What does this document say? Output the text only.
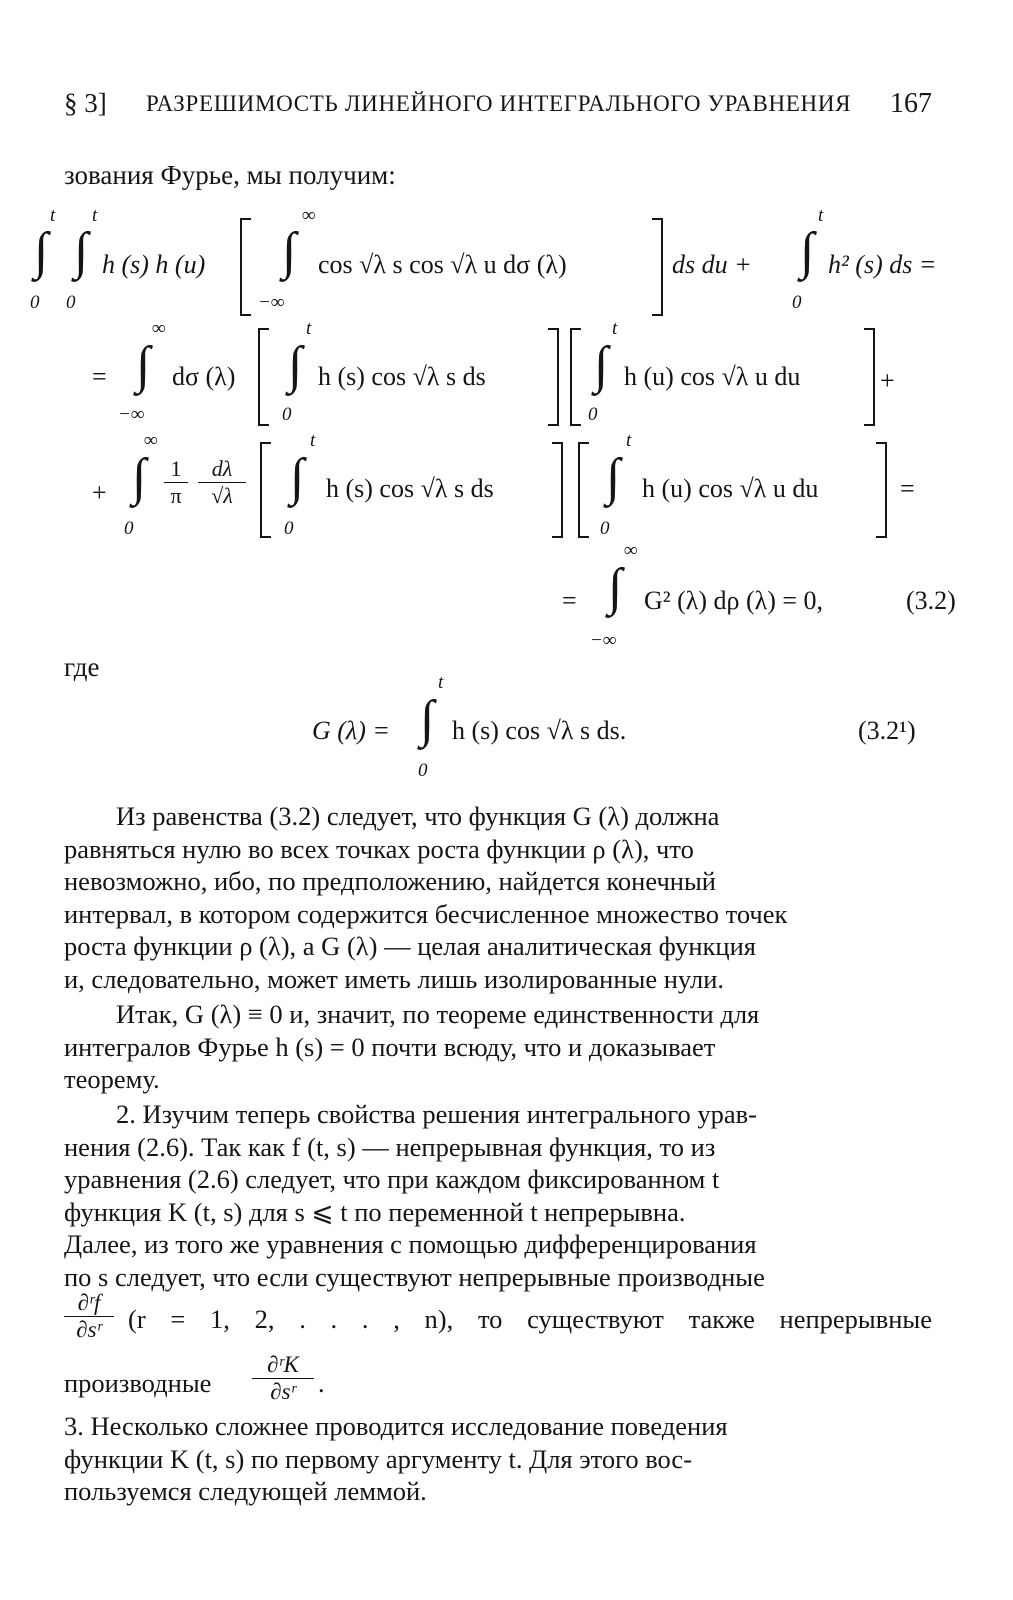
§ 3] РАЗРЕШИМОСТЬ ЛИНЕЙНОГО ИНТЕГРАЛЬНОГО УРАВНЕНИЯ 167
зования Фурье, мы получим:
t
∫
0
t
∫
0
h (s) h (u)
∞
∫
−∞
cos √λ s cos √λ u dσ (λ)	ds du +
t
∫
0
h² (s) ds =
=
∞
∫
−∞
dσ (λ)
t
∫
0
h (s) cos √λ s ds
t
∫
0
h (u) cos √λ u du	+
+
∞
∫
0
$\frac{1}{\pi} \frac{d\lambda}{√\lambda}$
t
∫
0
h (s) cos √λ s ds
t
∫
0
h (u) cos √λ u du	=
=
∞
∫
−∞
G² (λ) dρ (λ) = 0,	(3.2)
где
G (λ) =
t
∫
0
h (s) cos √λ s ds.	(3.2¹)
Из равенства (3.2) следует, что функция G (λ) должна
равняться нулю во всех точках роста функции ρ (λ), что
невозможно, ибо, по предположению, найдется конечный
интервал, в котором содержится бесчисленное множество точек
роста функции ρ (λ), а G (λ) — целая аналитическая функция
и, следовательно, может иметь лишь изолированные нули.
Итак, G (λ) ≡ 0 и, значит, по теореме единственности для
интегралов Фурье h (s) = 0 почти всюду, что и доказывает
теорему.
2. Изучим теперь свойства решения интегрального урав-
нения (2.6). Так как f (t, s) — непрерывная функция, то из
уравнения (2.6) следует, что при каждом фиксированном t
функция K (t, s) для s ⩽ t по переменной t непрерывна.
Далее, из того же уравнения с помощью дифференцирования
по s следует, что если существуют непрерывные производные
$\frac{\text{∂ʳf}}{\text{∂sʳ}} (r = 1$, 2, . . . , n), то существуют также непрерывные
производные $\frac{\text{∂ʳK}}{\text{∂sʳ}}$ .
3. Несколько сложнее проводится исследование поведения
функции K (t, s) по первому аргументу t. Для этого вос-
пользуемся следующей леммой.
